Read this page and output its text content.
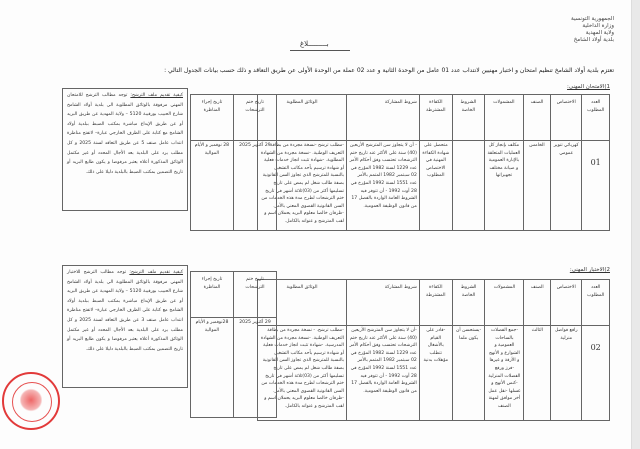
الجمهورية التونسية
وزارة الداخلية
ولاية المهدية
بلدية أولاد الشامخ
بـــــــــلاغ
تعتزم بلدية أولاد الشامخ تنظيم امتحان و اختبار مهنيين لانتداب عدد 01 عامل من الوحدة الثانية و عدد 02 عملة من الوحدة الأولى عن طريق التعاقد و ذلك حسب بيانات الجدول التالي :
1)الامتحان المهني:
العدد المطلوب	الاختصاص	الصنف	المشمولات	الشروط الخاصة	الكفاءة المشترطة	شروط المشاركة	الوثائق المطلوبة
01	كهربائي تنوير عمومي	الخامس	مكلف بإنجاز كل العمليات المتعلقة بالإنارة العمومية و صيانة مختلف تجهيزاتها		متحصل على شهادة الكفاءة المهنية في الاختصاص المطلوب	- أن لا يتجاوز سن المترشح الأربعين (40) سنة على الأكثر عند تاريخ ختم الترشحات تحتسب وفق أحكام الأمر عدد 1229 لسنة 1982 المؤرخ في 02 سبتمبر 1982 المتمم بالأمر عدد 1551 لسنة 1992 المؤرخ في 28 أوت 1992 - أن تتوفر فيه الشروط العامة الواردة بالفصل 17 من قانون الوظيفة العمومية.	-مطلب ترشح -نسخة مجردة من بطاقة التعريف الوطنية. -نسخة مجردة من الشهادة المطلوبة. -شهادة تثبت انجاز خدمات فعلية أو شهادة ترسيم بأحد مكاتب التشغيل بالنسبة للمترشح الذي تجاوز السن القانونية بصفة طالب شغل لم يمض على تاريخ تسليمها أكثر من (03)ثلاثة أشهر في تاريخ ختم الترشحات لطرح مدة هذه الخدمات من السن القانونية القصوى المعني بالأمر. -ظرفان خالصا معلوم البريد يحملان اسم و لقب المترشح و عنوانه بالكامل.
تاريخ ختم الترشحات	تاريخ إجراء المناظرة
29 أكتوبر 2025	28 نوفمبر و الأيام الموالية
كيفية تقديم ملف الترشح: توجه مطالب الترشح للامتحان المهني مرفوقة بالوثائق المطلوبة الى بلدية أولاد الشامخ شارع الحبيب بورقيبة 5120 – ولاية المهدية عن طريق البريد أو عن طريق الإيداع مباشرة بمكتب الضبط ببلدية أولاد الشامخ مع كتابة على الظرف الخارجي عبارة– لاتفتح مناظرة انتداب عامل صنف 5 عن طريق التعاقد لسنة 2025 و كل مطلب يرد على البلدية بعد الأجال المحدد أو غير مكتمل الوثائق المذكورة أعلاه يعتبر مرفوضا و يكون طابع البريد أو تاريخ التضمين بمكتب الضبط بالبلدية دليلا على ذلك.
2)الاختبار المهني:
العدد المطلوب	الاختصاص	الصنف	المشمولات	الشروط الخاصة	الكفاءة المشترطة	شروط المشاركة	الوثائق المطلوبة
02	رافع فواضل منزلية	الثالث	-جمع الفضلات بالساحات العمومية و الشوارع و الأنهج و الأزقة و غيرها -فرز ورفع الفضلات المنزلية -كنس الأنهج و غسلها -نقل عمل أخر موافق لمهنة الصنف	-يستحسن أن يكون ملما	-قادر على القيام بالأشغال تتطلب مؤهلات بدنية	-أن لا يتجاوز سن المترشح الأربعين (40) سنة على الأكثر عند تاريخ ختم الترشحات تحتسب وفق أحكام الأمر عدد 1229 لسنة 1982 المؤرخ في 02 سبتمبر 1982 المتمم بالأمر عدد 1551 لسنة 1992 المؤرخ في 28 أوت 1992 - أن تتوفر فيه الشروط العامة الواردة بالفصل 17 من قانون الوظيفة العمومية.	-مطلب ترشح. - نسخة مجردة من بطاقة التعريف الوطنية. -نسخة مجردة من الشهادة المدرسية. -شهادة تثبت انجاز خدمات فعلية أو شهادة ترسيم بأحد مكاتب التشغيل بالنسبة للمترشح الذي تجاوز السن القانونية بصفة طالب شغل لم يمض على تاريخ تسليمها أكثر من (03)ثلاثة أشهر في تاريخ ختم الترشحات لطرح مدة هذه الخدمات من السن القانونية القصوى المعني بالأمر. -ظرفان خالصا معلوم البريد يحملان اسم و لقب المترشح و عنوانه بالكامل.
تاريخ ختم الترشحات	تاريخ إجراء المناظرة
29 أكتوبر 2025	28نوفمبر و الأيام الموالية
كيفية تقديم ملف الترشح: توجه مطالب الترشح للاختبار المهني مرفوقة بالوثائق المطلوبة الى بلدية أولاد الشامخ شارع الحبيب بورقيبة 5120 – ولاية المهدية عن طريق البريد أو عن طريق الإيداع مباشرة بمكتب الضبط ببلدية أولاد الشامخ مع كتابة على الظرف الخارجي عبارة– لاتفتح مناظرة انتداب عامل صنف 3 عن طريق التعاقد لسنة 2025 و كل مطلب يرد على البلدية بعد الأجال المحدد أو غير مكتمل الوثائق المذكورة أعلاه يعتبر مرفوضا و يكون طابع البريد أو تاريخ التضمين بمكتب الضبط بالبلدية دليلا على ذلك.
